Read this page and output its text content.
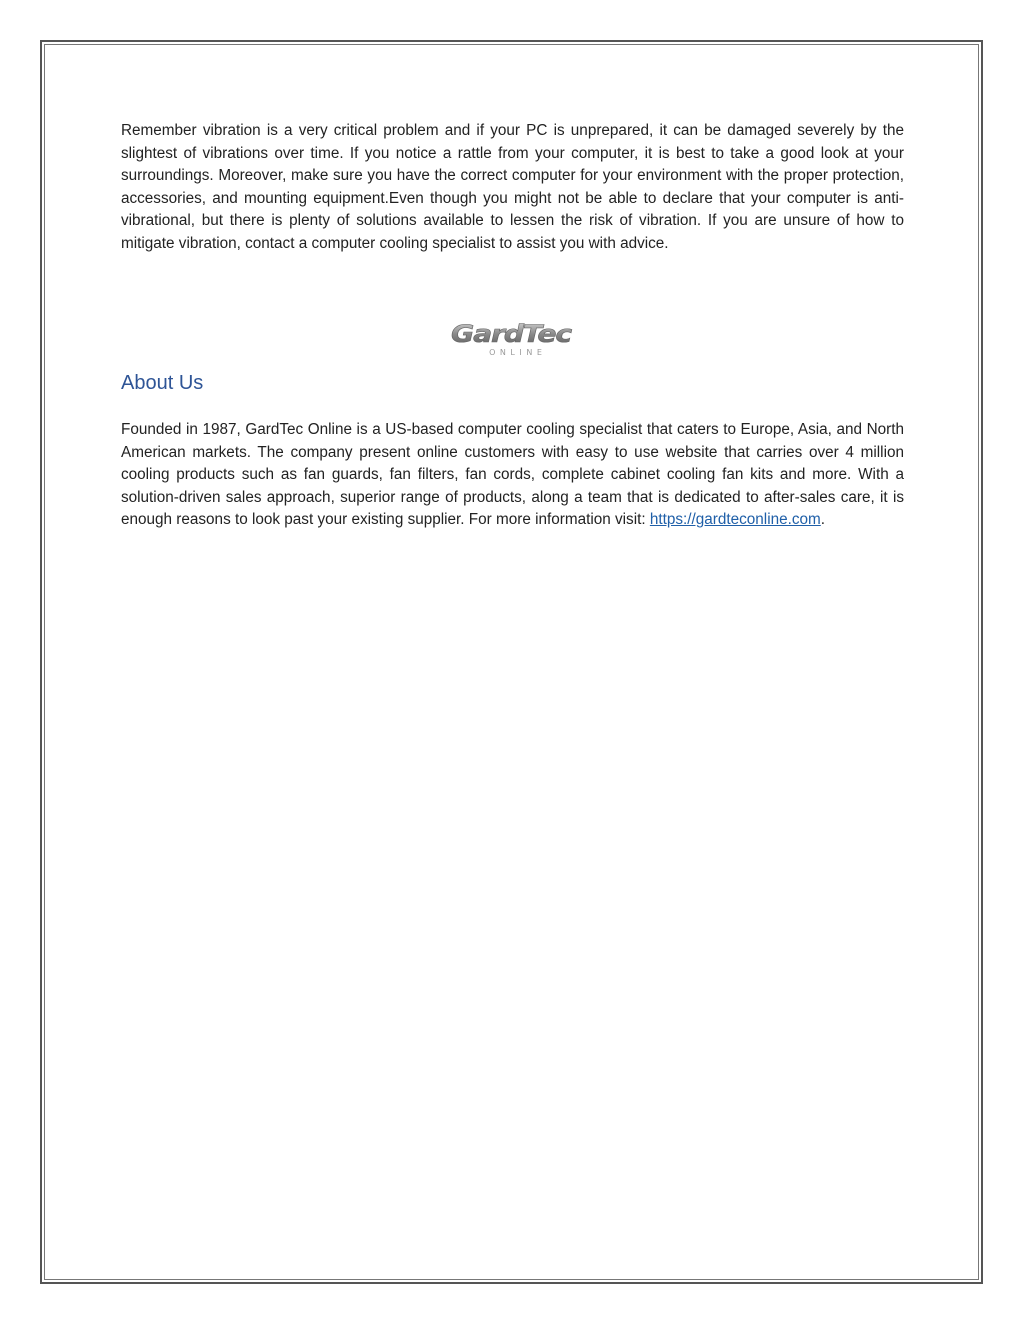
Remember vibration is a very critical problem and if your PC is unprepared, it can be damaged severely by the slightest of vibrations over time. If you notice a rattle from your computer, it is best to take a good look at your surroundings. Moreover, make sure you have the correct computer for your environment with the proper protection, accessories, and mounting equipment.Even though you might not be able to declare that your computer is anti-vibrational, but there is plenty of solutions available to lessen the risk of vibration. If you are unsure of how to mitigate vibration, contact a computer cooling specialist to assist you with advice.

GardTec
O N L I N E
About Us

Founded in 1987, GardTec Online is a US-based computer cooling specialist that caters to Europe, Asia, and North American markets. The company present online customers with easy to use website that carries over 4 million cooling products such as fan guards, fan filters, fan cords, complete cabinet cooling fan kits and more. With a solution-driven sales approach, superior range of products, along a team that is dedicated to after-sales care, it is enough reasons to look past your existing supplier. For more information visit: https://gardteconline.com.
